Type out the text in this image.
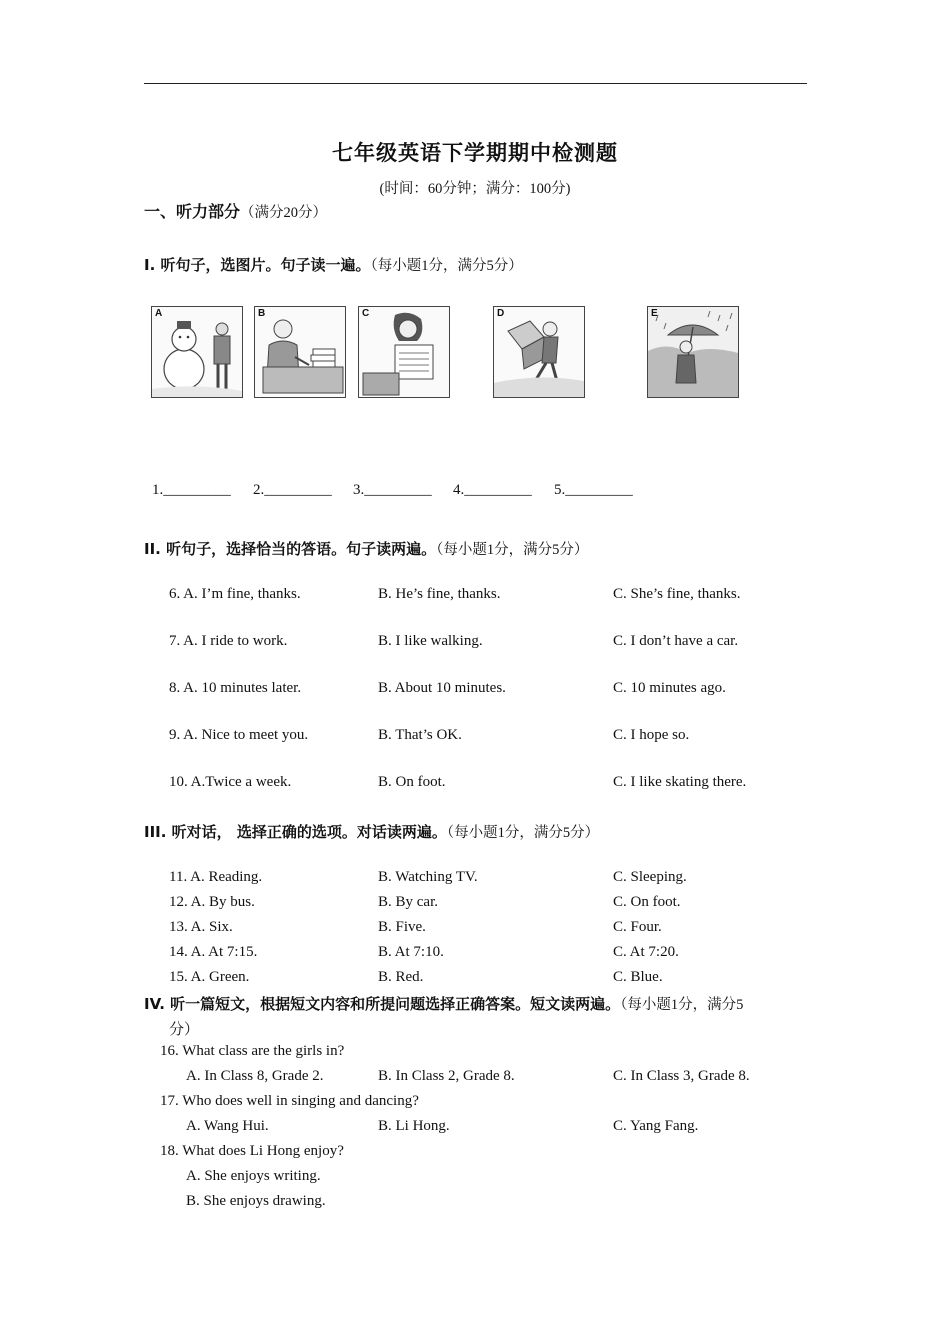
七年级英语下学期期中检测题
(时间：60分钟；满分：100分)
一、听力部分（满分20分）
I. 听句子，选图片。句子读一遍。（每小题1分，满分5分）
A	B	C	D	E
1._________ 2._________ 3._________ 4._________ 5._________
II. 听句子，选择恰当的答语。句子读两遍。（每小题1分，满分5分）
6. A. I’m fine, thanks.	B. He’s fine, thanks.	C. She’s fine, thanks.
7. A. I ride to work.	B. I like walking.	C. I don’t have a car.
8. A. 10 minutes later.	B. About 10 minutes.	C. 10 minutes ago.
9. A. Nice to meet you.	B. That’s OK.	C. I hope so.
10. A.Twice a week.	B. On foot.	C. I like skating there.
III. 听对话， 选择正确的选项。对话读两遍。（每小题1分，满分5分）
11. A. Reading.	B. Watching TV.	C. Sleeping.
12. A. By bus.	B. By car.	C. On foot.
13. A. Six.	B. Five.	C. Four.
14. A. At 7:15.	B. At 7:10.	C. At 7:20.
15. A. Green.	B. Red.	C. Blue.
IV. 听一篇短文，根据短文内容和所提问题选择正确答案。短文读两遍。（每小题1分，满分5
分）
16. What class are the girls in?
A. In Class 8, Grade 2.	B. In Class 2, Grade 8.	C. In Class 3, Grade 8.
17. Who does well in singing and dancing?
A. Wang Hui.	B. Li Hong.	C. Yang Fang.
18. What does Li Hong enjoy?
A. She enjoys writing.
B. She enjoys drawing.
